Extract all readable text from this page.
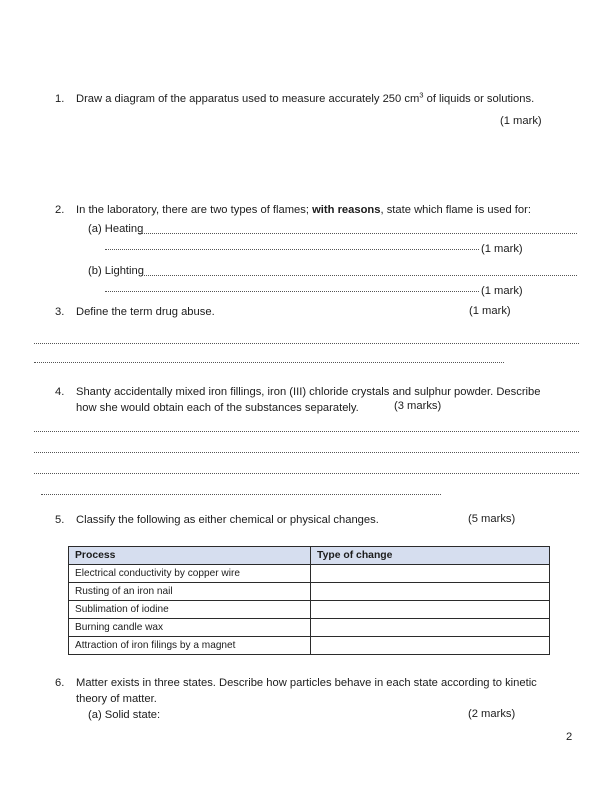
1.	Draw a diagram of the apparatus used to measure accurately 250 $cm^3$ of liquids or solutions.
(1 mark)
2.	In the laboratory, there are two types of flames; with reasons, state which flame is used for:
(a) Heating
(1 mark)
(b) Lighting
(1 mark)
3.	Define the term drug abuse.	(1 mark)
4.	Shanty accidentally mixed iron fillings, iron (III) chloride crystals and sulphur powder. Describe
how she would obtain each of the substances separately.	(3 marks)
5.	Classify the following as either chemical or physical changes.	(5 marks)
Process	Type of change
Electrical conductivity by copper wire	
Rusting of an iron nail	
Sublimation of iodine	
Burning candle wax	
Attraction of iron filings by a magnet	
6.	Matter exists in three states. Describe how particles behave in each state according to kinetic
theory of matter.
(a) Solid state:	(2 marks)
2
